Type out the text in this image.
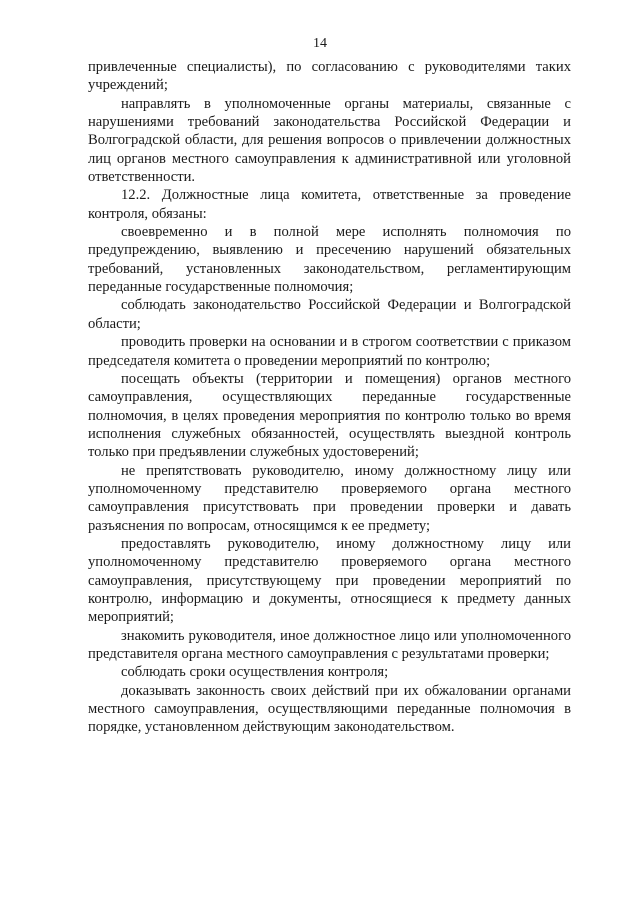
14

привлеченные специалисты), по согласованию с руководителями таких учреждений;

направлять в уполномоченные органы материалы, связанные с нарушениями требований законодательства Российской Федерации и Волгоградской области, для решения вопросов о привлечении должностных лиц органов местного самоуправления к административной или уголовной ответственности.

12.2. Должностные лица комитета, ответственные за проведение контроля, обязаны:

своевременно и в полной мере исполнять полномочия по предупреждению, выявлению и пресечению нарушений обязательных требований, установленных законодательством, регламентирующим переданные государственные полномочия;

соблюдать законодательство Российской Федерации и Волгоградской области;

проводить проверки на основании и в строгом соответствии с приказом председателя комитета о проведении мероприятий по контролю;

посещать объекты (территории и помещения) органов местного самоуправления, осуществляющих переданные государственные полномочия, в целях проведения мероприятия по контролю только во время исполнения служебных обязанностей, осуществлять выездной контроль только при предъявлении служебных удостоверений;

не препятствовать руководителю, иному должностному лицу или уполномоченному представителю проверяемого органа местного самоуправления присутствовать при проведении проверки и давать разъяснения по вопросам, относящимся к ее предмету;

предоставлять руководителю, иному должностному лицу или уполномоченному представителю проверяемого органа местного самоуправления, присутствующему при проведении мероприятий по контролю, информацию и документы, относящиеся к предмету данных мероприятий;

знакомить руководителя, иное должностное лицо или уполномоченного представителя органа местного самоуправления с результатами проверки;

соблюдать сроки осуществления контроля;

доказывать законность своих действий при их обжаловании органами местного самоуправления, осуществляющими переданные полномочия в порядке, установленном действующим законодательством.
